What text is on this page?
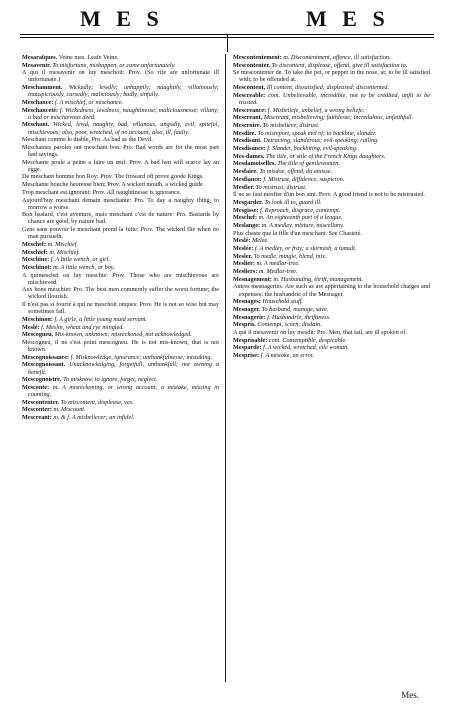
M E S	M E S

Mesaraïques. Veine mes. Leafe Veine.

Mesavenir. To misfortune, misbappen, or come unfortunately.

A qui il mesavenir on luy meschoit: Prov. (So rife are unfortunate ill unfortunate.)

Meschamment. Wickedly; lewdly; unhappily; naughtily, villainously; inauspiciously, cursedly; maliciously; badly, sinfully.

Meschance: f. A mischief, or mischance.

Meschanceté: f. Wickedness, lewdness, naughtinesse; maliciousnesse; villany; a bad or mischievous deed.

Meschant. Wicked, lewd, naughty, bad, villanous, ungodly, evil, spiteful, mischievous; also, poor, wretched, of no account; also, ill, faulty.

Meschant comme le diable, Pro. As bad as the Devil.

Meschantes paroles ont meschant bon. Pro. Bad words are for the most part bad sayings.

Meschante poule a peine a faire un œuf. Prov. A bad hen will scarce lay an egge.

De meschant homme bon Roy: Prov. The froward oft prove goode Kings.

Meschante bouche heureuse bien; Prov. A wicked mouth, a wicked guide.

Trop meschant est ignorant: Prov. All naughtinesse is ignorance.

Aujourd'huy meschant demain meschante: Pro. To day a naughty thing, to morrow a worse.

Bon bastard, c'est aventure, mais meschant c'est de nature: Pro. Bastards by chance are good, by nature bad.

Gens sans pouvoir le meschant prend la fuite: Prov. The wicked flie when no man pursueth.

Meschef: m. Mischief.

Meschief: m. Mischief.

Meschine: f. A little wench, or girl.

Meschinot: m. A little wench, or boy.

A quimeschet on luy meschie: Prov. Those who are mischievous are mischieved.

Aux bons meschiet: Pro. The best men commonly suffer the worst fortune; the wicked flourish.

Il n'est pas si fourré à qui ne meschoit onques: Prov. He is not so wise but may sometimes fail.

Meschinon: f. A girle, a little young maid servant.

Meslé: f. Meslin, wheat and rye mingled.

Mescogneu, Mis-known, unknown; misreckoned, not acknowledged.

Mescogneu, il ne s'est point mescogneu. He is not mis-known, that is not known.

Mescognoissance: f. Misknowledge, ignorance; unthankfulnesse; mistaking.

Mescognoissant. Unacknowledging, forgetfull, unthankfull; not owning a benefit.

Mescognoistre. To misknow, to ignore, forget, neglect.

Mesconte: m. A misreckoning, or wrong account; a mistake, missing in counting.

Mescontenter. To miscontent, displease, vex.

Mesconter: m. Miscount.

Mescreant: m. & f. A misbeliever; an infidel.

Mescontentement: m. Discontentment, offence, ill satisfaction.

Mescontenter. To discontent, displease, offend, give ill satisfaction to.

Se mescontenter de. To take the pet, or pepper in the nose, at; to be ill satisfied with; to be offended at.

Mescontent, Ill content, dissatisfied; displeased; discontented.

Mescreable: com. Unbelievable, incredible, not to be credited, unfit to be trusted.

Mescreance: f. Misbeliefe, unbelief, a wrong beliefe.

Mescreant, Miscreant, misbelieving; faithlesse; incredulous, unfaithfull.

Mescroire. To misbelieve, distrust.

Mesdire. To misreport, speak evil of; to backbite, slander.

Mesdisant. Detracting, slanderous; evil-speaking; railing.

Mesdisance: f. Slander, backbiting, evil-speaking.

Mes-dames. The title, or stile of the French Kings daughters.

Mesdamoiselles. The title of gentlewomen.

Mesfaire. To misdoe, offend, do amisse.

Mesfiance: f. Mistrust, diffidence, suspicion.

Mesfier. To mistrust, distrust.

Il ne se faut mesfier d'un bon ami. Prov. A good friend is not to be mistrusted.

Mesgarder. To look ill to, guard ill.

Mesgisse: f. Reproach, disgrace, contempt.

Meschef: m. An eighteenth part of a league.

Meslange: m. A medley, mixture, miscellany.

Plus chaste que la fille d'un meschant. See Chasteté.

Meslé: Melee.

Meslée: f. A medley, or fray; a skirmish, a tumult.

Mesler. To medle, mingle, blend, mix.

Meslier: m. A medlar-tree.

Mesliers: m. Medlar-tree.

Mesnagement: m. Husbanding, thrift, management.

Autres mesnageries. Are such as are appertaining to the household charges and expenses; the husbandrie of the Mesnager.

Mesnages: Household stuff.

Mesnager. To husband, manage, save.

Mesnagerie: f. Husbandrie, thriftiness.

Mespris. Contempt, scorn; disdain.

A qui il mesavenir on luy mesdit: Pro. Men, that fail, are ill spoken of.

Mesprisable: com. Contemptible, despicable.

Mesparde: f. A wicked, wretched, vile woman.

Mesprise: f. A mistake, an error.

Mes.
